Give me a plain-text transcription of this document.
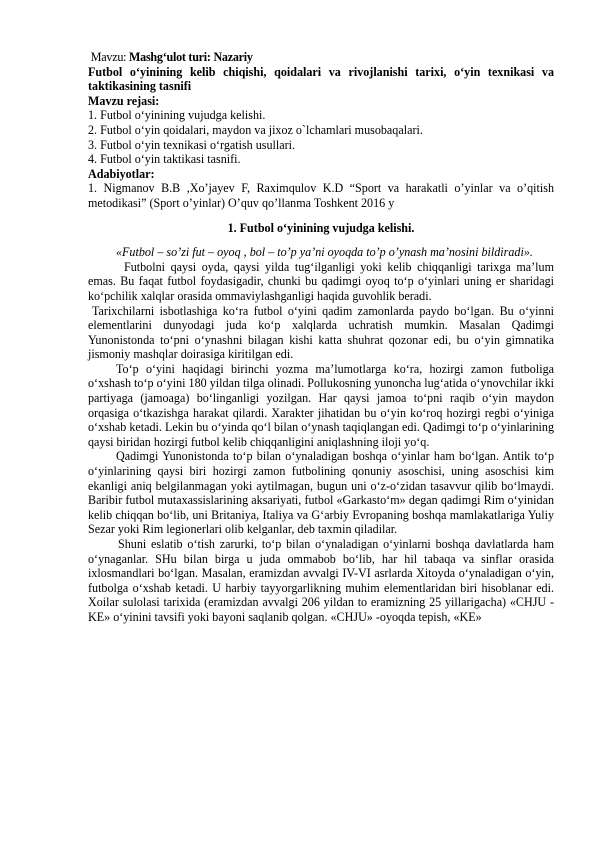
Mavzu: Mashg‘ulot turi: Nazariy

Futbol o‘yinining kelib chiqishi, qoidalari va rivojlanishi tarixi, o‘yin texnikasi va taktikasining tasnifi

Mavzu rejasi:

1. Futbol o‘yinining vujudga kelishi.

2. Futbol o‘yin qoidalari, maydon va jixoz o`lchamlari musobaqalari.

3. Futbol o‘yin texnikasi o‘rgatish usullari.

4. Futbol o‘yin taktikasi tasnifi.

Adabiyotlar:

1. Nigmanov B.B ,Xo’jayev F, Raximqulov K.D “Sport va harakatli o’yinlar va o’qitish metodikasi” (Sport o’yinlar) O’quv qo’llanma Toshkent 2016 y

1. Futbol o‘yinining vujudga kelishi.

«Futbol – so’zi fut – oyoq , bol – to’p ya’ni oyoqda to’p o’ynash ma’nosini bildiradi».

Futbolni qaysi oyda, qaysi yilda tug‘ilganligi yoki kelib chiqqanligi tarixga ma’lum emas. Bu faqat futbol foydasigadir, chunki bu qadimgi oyoq to‘p o‘yinlari uning er sharidagi ko‘pchilik xalqlar orasida ommaviylashganligi haqida guvohlik beradi.

Tarixchilarni isbotlashiga ko‘ra futbol o‘yini qadim zamonlarda paydo bo‘lgan. Bu o‘yinni elementlarini dunyodagi juda ko‘p xalqlarda uchratish mumkin. Masalan Qadimgi Yunonistonda to‘pni o‘ynashni bilagan kishi katta shuhrat qozonar edi, bu o‘yin gimnatika jismoniy mashqlar doirasiga kiritilgan edi.

To‘p o‘yini haqidagi birinchi yozma ma’lumotlarga ko‘ra, hozirgi zamon futboliga o‘xshash to‘p o‘yini 180 yildan tilga olinadi. Pollukosning yunoncha lug‘atida o‘ynovchilar ikki partiyaga (jamoaga) bo‘linganligi yozilgan. Har qaysi jamoa to‘pni raqib o‘yin maydon orqasiga o‘tkazishga harakat qilardi. Xarakter jihatidan bu o‘yin ko‘roq hozirgi regbi o‘yiniga o‘xshab ketadi. Lekin bu o‘yinda qo‘l bilan o‘ynash taqiqlangan edi. Qadimgi to‘p o‘yinlarining qaysi biridan hozirgi futbol kelib chiqqanligini aniqlashning iloji yo‘q.

Qadimgi Yunonistonda to‘p bilan o‘ynaladigan boshqa o‘yinlar ham bo‘lgan. Antik to‘p o‘yinlarining qaysi biri hozirgi zamon futbolining qonuniy asoschisi, uning asoschisi kim ekanligi aniq belgilanmagan yoki aytilmagan, bugun uni o‘z-o‘zidan tasavvur qilib bo‘lmaydi. Baribir futbol mutaxassislarining aksariyati, futbol «Garkasto‘m» degan qadimgi Rim o‘yinidan kelib chiqqan bo‘lib, uni Britaniya, Italiya va G‘arbiy Evropaning boshqa mamlakatlariga Yuliy Sezar yoki Rim legionerlari olib kelganlar, deb taxmin qiladilar.

Shuni eslatib o‘tish zarurki, to‘p bilan o‘ynaladigan o‘yinlarni boshqa davlatlarda ham o‘ynaganlar. SHu bilan birga u juda ommabob bo‘lib, har hil tabaqa va sinflar orasida ixlosmandlari bo‘lgan. Masalan, eramizdan avvalgi IV-VI asrlarda Xitoyda o‘ynaladigan o‘yin, futbolga o‘xshab ketadi. U harbiy tayyorgarlikning muhim elementlaridan biri hisoblanar edi. Xoilar sulolasi tarixida (eramizdan avvalgi 206 yildan to eramizning 25 yillarigacha) «CHJU - KE» o‘yinini tavsifi yoki bayoni saqlanib qolgan. «CHJU» -oyoqda tepish, «KE»
